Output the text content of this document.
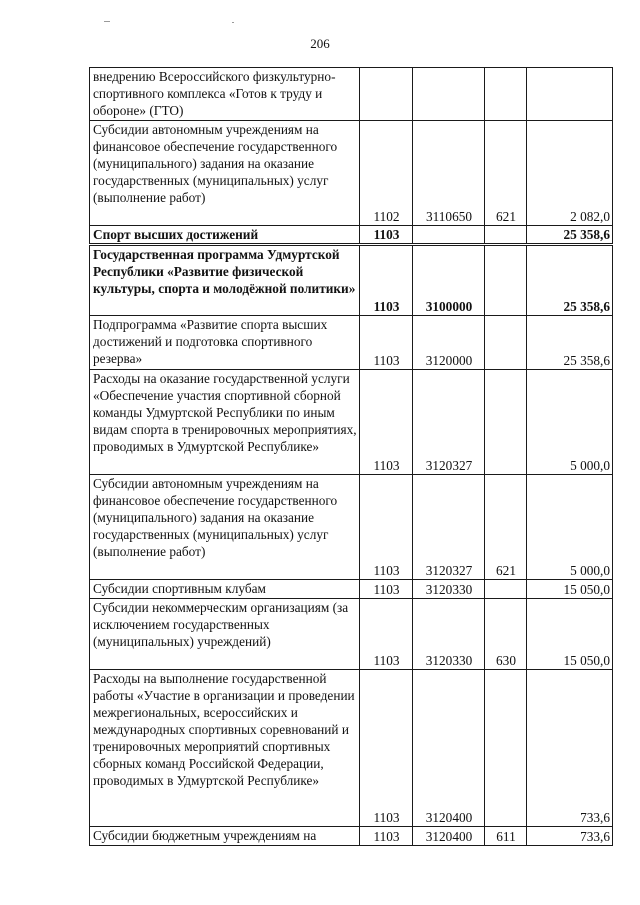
206
внедрению Всероссийского физкультурно-спортивного комплекса «Готов к труду и обороне» (ГТО)				
Субсидии автономным учреждениям на финансовое обеспечение государственного (муниципального) задания на оказание государственных (муниципальных) услуг (выполнение работ)	1102	3110650	621	2 082,0
Спорт высших достижений	1103			25 358,6
Государственная программа Удмуртской Республики «Развитие физической культуры, спорта и молодёжной политики»	1103	3100000		25 358,6
Подпрограмма «Развитие спорта высших достижений и подготовка спортивного резерва»	1103	3120000		25 358,6
Расходы на оказание государственной услуги «Обеспечение участия спортивной сборной команды Удмуртской Республики по иным видам спорта в тренировочных мероприятиях, проводимых в Удмуртской Республике»	1103	3120327		5 000,0
Субсидии автономным учреждениям на финансовое обеспечение государственного (муниципального) задания на оказание государственных (муниципальных) услуг (выполнение работ)	1103	3120327	621	5 000,0
Субсидии спортивным клубам	1103	3120330		15 050,0
Субсидии некоммерческим организациям (за исключением государственных (муниципальных) учреждений)	1103	3120330	630	15 050,0
Расходы на выполнение государственной работы «Участие в организации и проведении межрегиональных, всероссийских и международных спортивных соревнований и тренировочных мероприятий спортивных сборных команд Российской Федерации, проводимых в Удмуртской Республике»	1103	3120400		733,6
Субсидии бюджетным учреждениям на	1103	3120400	611	733,6
